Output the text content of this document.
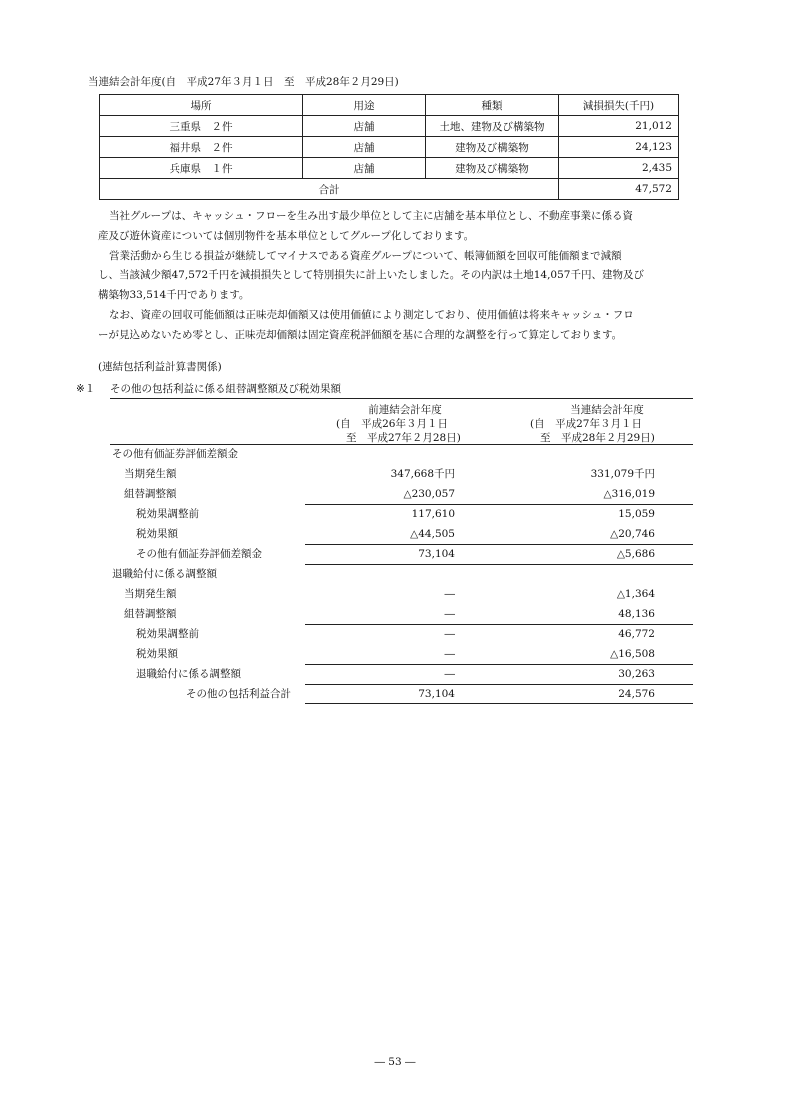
当連結会計年度(自　平成27年３月１日　至　平成28年２月29日)
場所	用途	種類	減損損失(千円)
三重県　２件	店舗	土地、建物及び構築物	21,012
福井県　２件	店舗	建物及び構築物	24,123
兵庫県　１件	店舗	建物及び構築物	2,435
合計			47,572

当社グループは、キャッシュ・フローを生み出す最少単位として主に店舗を基本単位とし、不動産事業に係る資

産及び遊休資産については個別物件を基本単位としてグループ化しております。

営業活動から生じる損益が継続してマイナスである資産グループについて、帳簿価額を回収可能価額まで減額

し、当該減少額47,572千円を減損損失として特別損失に計上いたしました。その内訳は土地14,057千円、建物及び

構築物33,514千円であります。

なお、資産の回収可能価額は正味売却価額又は使用価値により測定しており、使用価値は将来キャッシュ・フロ

ーが見込めないため零とし、正味売却価額は固定資産税評価額を基に合理的な調整を行って算定しております。

(連結包括利益計算書関係)
※１ その他の包括利益に係る組替調整額及び税効果額
前連結会計年度
(自　平成26年３月１日
至　平成27年２月28日)
当連結会計年度
(自　平成27年３月１日
至　平成28年２月29日)
その他有価証券評価差額金
当期発生額	347,668千円	331,079千円
組替調整額	△230,057	△316,019
税効果調整前	117,610	15,059
税効果額	△44,505	△20,746
その他有価証券評価差額金	73,104	△5,686
退職給付に係る調整額
当期発生額	―	△1,364
組替調整額	―	48,136
税効果調整前	―	46,772
税効果額	―	△16,508
退職給付に係る調整額	―	30,263
その他の包括利益合計	73,104	24,576
― 53 ―
